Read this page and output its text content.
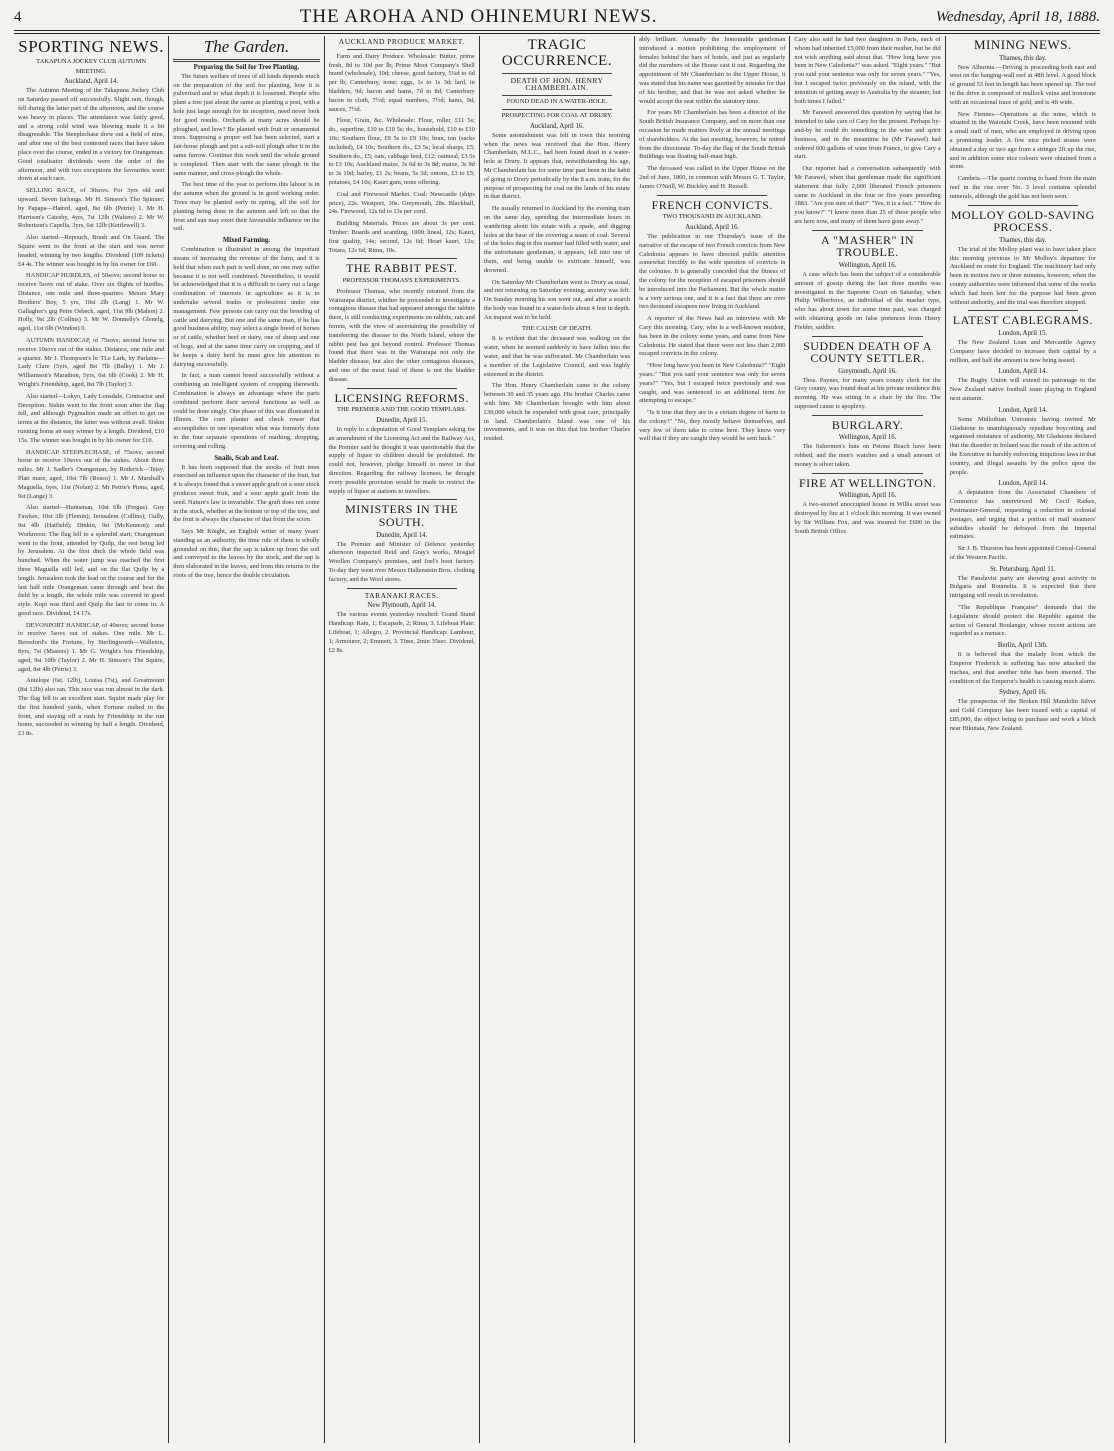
4	THE AROHA AND OHINEMURI NEWS.	Wednesday, April 18, 1888.
SPORTING NEWS.
TAKAPUNA JOCKEY CLUB AUTUMN
MEETING.
Auckland, April 14.

The Autumn Meeting of the Takapuna Jockey Club on Saturday passed off successfully. Slight rain, though, fell during the latter part of the afternoon, and the course was heavy in places. The attendance was fairly good, and a strong cold wind was blowing made it a bit disagreeable. The Steeplechase drew out a field of nine, and after one of the best contested races that have taken place over the course, ended in a victory for Orangeman. Good totalisator dividends were the order of the afternoon, and with two exceptions the favourites went down at each race.

SELLING RACE, of 30sovs. For 3yrs old and upward. Seven furlongs. Mr H. Simson's Tho Spinner; by Papapa—Hatred, aged, 8st 6lb (Petrie) 1. Mr H. Harrison's Catesby, 4yrs, 7st 12lb (Walters) 2. Mr W. Robertson's Capella, 3yrs, 6st 12lb (Kettlewell) 3.

Also started—Repouch, Brush and On Guard. The Squire went to the front at the start and was never headed, winning by two lengths. Dividend (109 tickets) £4 4s. The winner was bought in by his owner for £60.

HANDICAP HURDLES, of 50sovs; second horse to receive 5sovs out of stake. Over six flights of hurdles. Distance, one mile and three-quarters. Messrs Mary Brothers' Boy, 5 yrs, 10st 2lb (Lang) 1. Mr W. Gallagher's grg Petre Osbeck, aged, 11st 9lb (Mahon) 2. Holly, 9st 2lb (Collins) 3. Mr W. Donnelly's Glenelg, aged, 11st 6lb (Windon) 0.

AUTUMN HANDICAP, of 75sovs; second horse to receive 10sovs out of the stakes. Distance, one mile and a quarter. Mr J. Thompson's br TLe Lark, by Parlaine—Lady Clare (5yrs, aged 8st 7lb (Bulky) 1. Mr J. Williamson's Marathon, 5yrs, 6st 6lb (Cook) 2. Mr H. Wright's Friendship, aged, 8st 7lb (Taylor) 3.

Also started—Lokyo, Lady Lonsdale, Contractor and Deception. Siskin went to the front soon after the flag fell, and although Pygmalion made an effort to get on terms at the distance, the latter was without avail. Siskin running home an easy winner by a length. Dividend, £10 15s. The winner was bought in by his owner for £10.

HANDICAP STEEPLECHASE, of 75sovs; second horse to receive 10sovs out of the stakes. About three miles. Mr J. Sadler's Orangeman, by Roderick—Tetsy, Plati mare, aged, 10st 7lb (Rosco) 1. Mr J. Marshall's Maguella, 6yrs, 11st (Nolan) 2. Mr Petrie's Piona, aged, 9st (Lange) 3.

Also started—Huntsman, 10st 6lb (Fergus). Guy Fawkes, 10st 3lb (Flemin); Jerusalem (Collins); Gully, 9st 4lb (Hatfield); Dinkin, 9st (McKennon); and Workmoor. The flag fell to a splendid start; Orangeman went to the front, attended by Quilp, the rest being led by Jerusalem. At the first ditch the whole field was bunched. When the water jump was reached the first three Maguella still led, and on the flat Quilp by a length. Jerusalem took the lead on the course and for the last half mile Orangeman came through and beat the field by a length, the whole mile was covered in good style. Kopi was third and Quilp the last to come in. A good race. Dividend, £4 17s.

DEVONPORT HANDICAP, of 40sovs; second horse to receive 5sovs out of stakes. One mile. Mr L. Beresford's the Fortune, by Sterlingworth—Walleton, 8yrs, 7st (Masters) 1. Mr G. Wright's bra Friendship, aged, 9st 10lb (Taylor) 2. Mr H. Simson's The Squire, aged, 8st 4lb (Petrie) 3.

Antelope (6st. 12lb), Louisa (7st), and Greatmount (8st 12lb) also ran. This race was run almost in the dark. The flag fell to an excellent start. Squire made play for the first hundred yards, when Fortune rushed to the front, and staying off a rush by Friendship in the run home, succeeded in winning by half a length. Dividend, £3 8s.

The Garden.
Preparing the Soil for Tree Planting.

The future welfare of trees of all kinds depends much on the preparation of the soil for planting, how it is pulverised and to what depth it is loosened. People who plant a tree just about the same as planting a post, with a hole just large enough for its reception, need never look for good results. Orchards at many acres should be ploughed, and how? Be planted with fruit or ornamental trees. Supposing a proper soil has been selected, start a fair-horse plough and put a sub-soil plough after it in the same furrow. Continue this work until the whole ground is completed. Then start with the same plough in the same manner, and cross-plough the whole.

The best time of the year to perform this labour is in the autumn when the ground is in good working order. Trees may be planted early in spring, all the soil for planting being done in the autumn and left so that the frost and sun may exert their favourable influence on the soil.

Mixed Farming.

Combination is illustrated in among the important means of increasing the revenue of the farm, and it is held that when each part is well done, no one may suffer because it is not well combined. Nevertheless, it would be acknowledged that it is a difficult to carry out a large combination of interests in agriculture as it is to undertake several trades or professions under one management. Few persons can carry out the breeding of cattle and dairying. But one and the same man, if he has good business ability, may select a single breed of horses or of cattle, whether beef or dairy, one of sheep and one of hogs, and at the same time carry on cropping, and if he keeps a dairy herd he must give his attention to dairying successfully.

In fact, a man cannot breed successfully without a combining an intelligent system of cropping therewith. Combination is always an advantage where the parts combined perform their several functions as well as could be done singly. One phase of this was illustrated in Illinois. The corn planter and check rower that accomplishes in one operation what was formerly done in the four separate operations of marking, dropping, covering and rolling.

Snails, Scab and Leaf.

It has been supposed that the stocks of fruit trees exercised an influence upon the character of the fruit, but it is always found that a sweet apple graft on a sour stock produces sweet fruit, and a sour apple graft from the seed. Nature's law is invariable. The graft does not come in the stock, whether at the bottom or top of the tree, and the fruit is always the character of that from the scion.

Says Mr Knight, an English writer of many years' standing as an authority, the time rule of them is wholly grounded on this, that the sap is taken up from the soil and conveyed to the leaves by the stock, and the sap is then elaborated in the leaves, and from this returns to the roots of the tree, hence the double circulation.

AUCKLAND PRODUCE MARKET.

Farm and Dairy Produce. Wholesale: Butter, prime fresh, 8d to 10d per lb; Prime Moot Company's Shell brand (wholesale), 10d; cheese, good factory, 5¼d to 6d per lb; Canterbury, none; eggs, 1s to 1s 3d; lard, in bladders, 9d; bacon and hams, 7d to 8d; Canterbury bacon in cloth, 7½d; equal numbers, 7½d; hams, 9d; sauces, 7½d.

Flour, Grain, &c. Wholesale: Flour, roller, £11 5s; do., superfine, £10 to £10 5s; do., household, £10 to £10 10s; Southern flour, £9 5s to £9 10s; bran, ton (sacks included), £4 10s; Southern do., £3 5s; local sharps, £5; Southern do., £5; oats, cabbage feed, £12; oatmeal, £3 5s to £3 10s; Auckland maize, 3s 6d to 3s 8d; maize, 3s 9d to 3s 10d; barley, £1 2s; beans, 5s 3d; onions, £3 to £5; potatoes, £4 10s; Kauri gum, none offering.

Coal and Firewood Market. Coal: Newcastle (ships price), 22s. Westport, 30s. Greymouth, 28s. Blackball, 24s. Firewood, 12s 6d to 13s per cord.

Building Materials. Prices are about 3s per cent. Timber: Boards and scantling, 100ft lineal, 12s; Kauri, first quality, 14s; second, 12s 6d; Heart kauri, 12s; Totara, 12s 6d; Rimu, 10s.

THE RABBIT PEST.
PROFESSOR THOMAS'S EXPERIMENTS.

Professor Thomas, who recently returned from the Wairarapa district, whither he proceeded to investigate a contagious disease that had appeared amongst the rabbits there, is still conducting experiments on rabbits, rats and ferrets, with the view of ascertaining the possibility of transferring the disease to the North Island, where the rabbit pest has got beyond control. Professor Thomas found that there was in the Wairarapa not only the bladder disease, but also the other contagious diseases, and one of the most fatal of these is not the bladder disease.

LICENSING REFORMS.
THE PREMIER AND THE GOOD TEMPLARS.
Dunedin, April 15.

In reply to a deputation of Good Templars asking for an amendment of the Licensing Act and the Railway Act, the Premier said he thought it was questionable that the supply of liquor to children should be prohibited. He could not, however, pledge himself to move in that direction. Regarding the railway licenses, he thought every possible provision would be made to restrict the supply of liquor at stations to travellers.

MINISTERS IN THE SOUTH.
Dunedin, April 14.

The Premier and Minister of Defence yesterday afternoon inspected Reid and Gray's works, Mosgiel Woollen Company's premises, and Joel's boot factory. To-day they went over Messrs Hallenstein Bros. clothing factory, and the Wool stores.

TARANAKI RACES.
New Plymouth, April 14.

The various events yesterday resulted: Grand Stand Handicap: Ratu, 1; Escapade, 2; Rimu, 3. Lifeboat Plate: Lifeboat, 1; Allegro, 2. Provincial Handicap: Lambour, 1; Armourer, 2; Emmett, 3. Time, 2min 35sec. Dividend, £2 8s.

TRAGIC OCCURRENCE.
DEATH OF HON. HENRY CHAMBERLAIN.
FOUND DEAD IN A WATER-HOLE.
PROSPECTING FOR COAL AT DRURY.
Auckland, April 16.

Some astonishment was felt in town this morning when the news was received that the Hon. Henry Chamberlain, M.L.C., had been found dead in a water-hole at Drury. It appears that, notwithstanding his age, Mr Chamberlain has for some time past been in the habit of going to Drury periodically by the 8 a.m. train, for the purpose of prospecting for coal on the lands of his estate in that district.

He usually returned to Auckland by the evening train on the same day, spending the intermediate hours in wandering about his estate with a spade, and digging holes at the base of the covering a seam of coal. Several of the holes dug in this manner had filled with water, and the unfortunate gentleman, it appears, fell into one of them, and being unable to extricate himself, was drowned.

On Saturday Mr Chamberlain went to Drury as usual, and not returning on Saturday evening, anxiety was felt. On Sunday morning his son went out, and after a search the body was found in a water-hole about 4 feet in depth. An inquest was to be held.

THE CAUSE OF DEATH.

It is evident that the deceased was walking on the water, when he seemed suddenly to have fallen into the water, and that he was suffocated. Mr Chamberlain was a member of the Legislative Council, and was highly esteemed in the district.

The Hon. Henry Chamberlain came to the colony between 30 and 35 years ago. His brother Charles came with him. Mr Chamberlain brought with him about £30,000 which he expended with great care, principally in land. Chamberlain's Island was one of his investments, and it was on this that his brother Charles resided.

ably brilliant. Annually the honourable gentleman introduced a motion prohibiting the employment of females behind the bars of hotels, and just as regularly did the members of the House cast it out. Regarding the appointment of Mr Chamberlain to the Upper House, it was stated that his name was gazetted by mistake for that of his brother, and that he was not asked whether he would accept the seat within the statutory time.

For years Mr Chamberlain has been a director of the South British Insurance Company, and on more than one occasion he made matters lively at the annual meetings of shareholders. At the last meeting, however, he retired from the directorate. To-day the flag of the South British Buildings was floating half-mast high.

The deceased was called to the Upper House on the 2nd of June, 1860, in common with Messrs G. T. Taylor, James O'Neill, W. Buckley and H. Russell.

FRENCH CONVICTS.
TWO THOUSAND IN AUCKLAND.
Auckland, April 16.

The publication in our Thursday's issue of the narrative of the escape of two French convicts from New Caledonia appears to have directed public attention somewhat forcibly to the wide question of convicts in the colonies. It is generally conceded that the fitness of the colony for the reception of escaped prisoners should be introduced into the Parliament. But the whole matter is a very serious one, and it is a fact that there are over two thousand escapees now living in Auckland.

A reporter of the News had an interview with Mr Cary this morning. Cary, who is a well-known resident, has been in the colony some years, and came from New Caledonia. He stated that there were not less than 2,000 escaped convicts in the colony.

"How long have you been in New Caledonia?" "Eight years." "But you said your sentence was only for seven years?" "Yes, but I escaped twice previously and was caught, and was sentenced to an additional term for attempting to escape."

"Is it true that they are in a certain degree of harm to the colony?" "No, they mostly behave themselves, and very few of them take to crime here. They know very well that if they are caught they would be sent back."

Cary also said he had two daughters in Paris, each of whom had inherited £5,000 from their mother, but he did not wish anything said about that. "How long have you been in New Caledonia?" was asked. "Eight years." "But you said your sentence was only for seven years." "Yes, but I escaped twice previously on the island, with the intention of getting away to Australia by the steamer, but both times I failed."

Mr Farawel answered this question by saying that he intended to take care of Cary for the present. Perhaps by-and-by he could do something in the wine and spirit business, and in the meantime he (Mr Farawel) had ordered 600 gallons of wine from France, to give Cary a start.

Our reporter had a conversation subsequently with Mr Farawel, when that gentleman made the significant statement that fully 2,000 liberated French prisoners came to Auckland in the four or five years preceding 1883. "Are you sure of that?" "Yes, it is a fact." "How do you know?" "I know more than 25 of these people who are here now, and many of them have gone away."

A "MASHER" IN TROUBLE.
Wellington, April 16.

A case which has been the subject of a considerable amount of gossip during the last three months was investigated in the Supreme Court on Saturday, when Philip Wilberforce, an individual of the masher type, who has about town for some time past, was charged with obtaining goods on false pretences from Henry Fielder, saddler.

SUDDEN DEATH OF A COUNTY SETTLER.
Greymouth, April 16.

Thos. Paynes, for many years county clerk for the Grey county, was found dead at his private residence this morning. He was sitting in a chair by the fire. The supposed cause is apoplexy.

BURGLARY.
Wellington, April 16.

The fishermen's huts on Petone Beach have been robbed, and the men's watches and a small amount of money is silver taken.

FIRE AT WELLINGTON.
Wellington, April 16.

A two-storied unoccupied house in Willis street was destroyed by fire at 1 o'clock this morning. It was owned by Sir William Fox, and was insured for £600 in the South British Office.

MINING NEWS.
Thames, this day.

New Alburnia.—Driving is proceeding both east and west on the hanging-wall reef at 48ft level. A good block of ground 53 feet in length has been opened up. The reef in the drive is composed of mullock veins and ironstone with an occasional trace of gold, and is 4ft wide.

New Fiennes—Operations at the mine, which is situated in the Waiotahi Creek, have been resumed with a small staff of men, who are employed in driving upon a promising leader. A few nice picked stones were obtained a day or two ago from a stringer 2ft up the rise, and in addition some nice colours were obtained from a stone.

Cambria.—The quartz coming to hand from the main reef in the rise over No. 3 level contains splendid minerals, although the gold has not been seen.

MOLLOY GOLD-SAVING PROCESS.
Thames, this day.

The trial of the Molloy plant was to have taken place this morning previous to Mr Molloy's departure for Auckland en route for England. The machinery had only been in motion two or three minutes, however, when the county authorities were informed that some of the works which had been lent for the purpose had been given without authority, and the trial was therefore stopped.

LATEST CABLEGRAMS.
London, April 15.

The New Zealand Loan and Mercantile Agency Company have decided to increase their capital by a million, and half the amount is now being issued.

London, April 14.

The Rugby Union will extend its patronage to the New Zealand native football team playing in England next autumn.

London, April 14.

Some Midlothian Unionists having invited Mr Gladstone to unambiguously repudiate boycotting and organised resistance of authority, Mr Gladstone declared that the disorder in Ireland was the result of the action of the Executive in harshly enforcing iniquitous laws in that country, and illegal assaults by the police upon the people.

London, April 14.

A deputation from the Associated Chambers of Commerce has interviewed Mr Cecil Raikes, Postmaster-General, requesting a reduction in colonial postages, and urging that a portion of mail steamers' subsidies should be defrayed from the Imperial estimates.

Sir J. B. Thurston has been appointed Consul-General of the Western Pacific.

St. Petersburg, April 11.

The Panslavist party are showing great activity in Bulgaria and Roumelia. It is expected that their intriguing will result in revolution.

"The Republique Française" demands that the Legislature should protect the Republic against the action of General Boulanger, whose recent actions are regarded as a menace.

Berlin, April 13th.

It is believed that the malady from which the Emperor Frederick is suffering has now attacked the trachea, and that another tube has been inserted. The condition of the Emperor's health is causing much alarm.

Sydney, April 16.

The prospectus of the Broken Hill Mandolin Silver and Gold Company has been issued with a capital of £85,000, the object being to purchase and work a block near Hikutaia, New Zealand.
